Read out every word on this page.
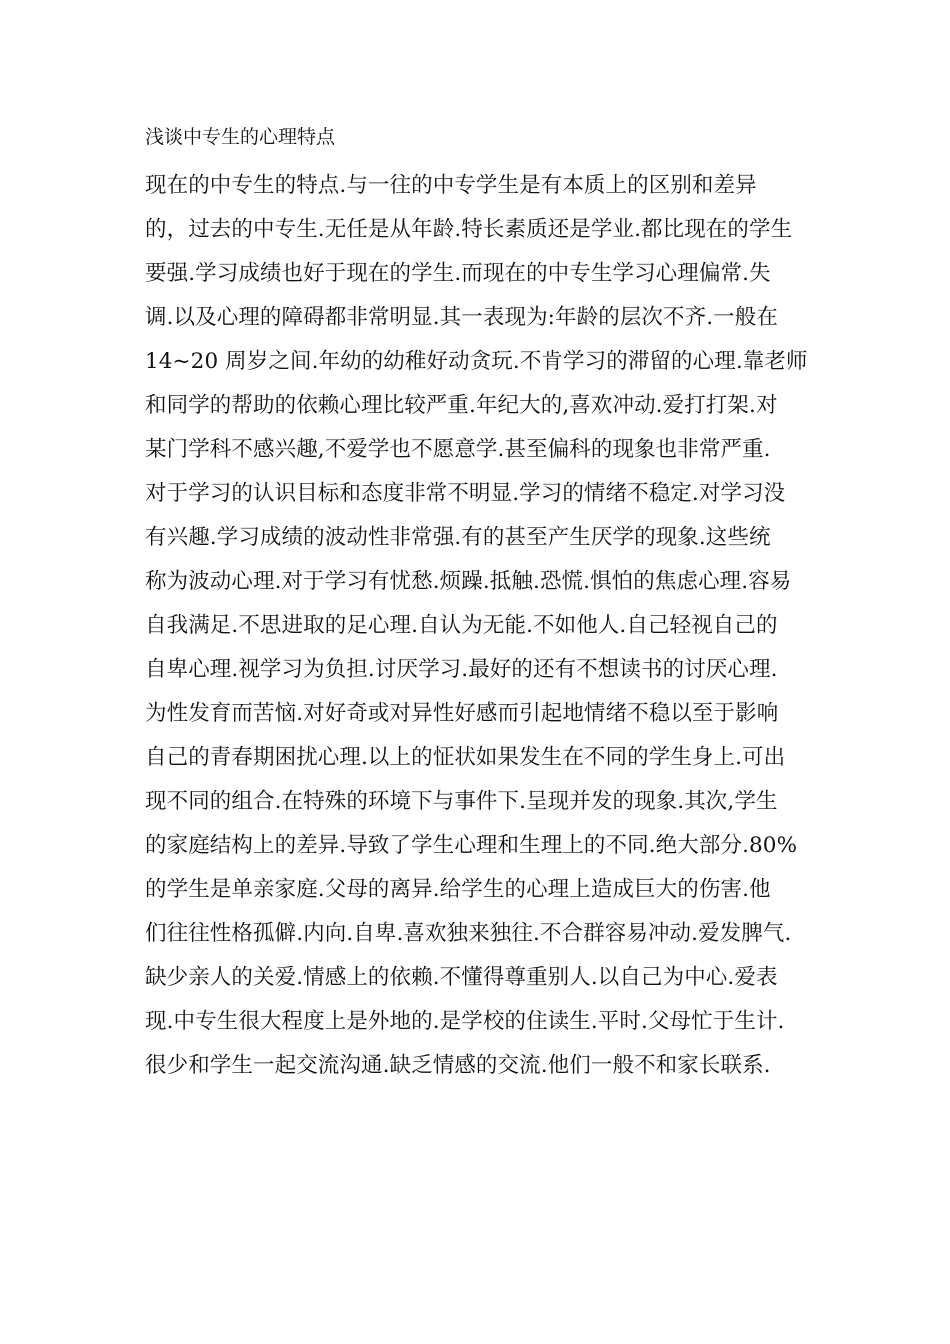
浅谈中专生的心理特点
现在的中专生的特点.与一往的中专学生是有本质上的区别和差异
的，过去的中专生.无任是从年龄.特长素质还是学业.都比现在的学生
要强.学习成绩也好于现在的学生.而现在的中专生学习心理偏常.失
调.以及心理的障碍都非常明显.其一表现为:年龄的层次不齐.一般在
14~20 周岁之间.年幼的幼稚好动贪玩.不肯学习的滞留的心理.靠老师
和同学的帮助的依赖心理比较严重.年纪大的,喜欢冲动.爱打打架.对
某门学科不感兴趣,不爱学也不愿意学.甚至偏科的现象也非常严重.
对于学习的认识目标和态度非常不明显.学习的情绪不稳定.对学习没
有兴趣.学习成绩的波动性非常强.有的甚至产生厌学的现象.这些统
称为波动心理.对于学习有忧愁.烦躁.抵触.恐慌.惧怕的焦虑心理.容易
自我满足.不思进取的足心理.自认为无能.不如他人.自己轻视自己的
自卑心理.视学习为负担.讨厌学习.最好的还有不想读书的讨厌心理.
为性发育而苦恼.对好奇或对异性好感而引起地情绪不稳以至于影响
自己的青春期困扰心理.以上的怔状如果发生在不同的学生身上.可出
现不同的组合.在特殊的环境下与事件下.呈现并发的现象.其次,学生
的家庭结构上的差异.导致了学生心理和生理上的不同.绝大部分.80%
的学生是单亲家庭.父母的离异.给学生的心理上造成巨大的伤害.他
们往往性格孤僻.内向.自卑.喜欢独来独往.不合群容易冲动.爱发脾气.
缺少亲人的关爱.情感上的依赖.不懂得尊重别人.以自己为中心.爱表
现.中专生很大程度上是外地的.是学校的住读生.平时.父母忙于生计.
很少和学生一起交流沟通.缺乏情感的交流.他们一般不和家长联系.
